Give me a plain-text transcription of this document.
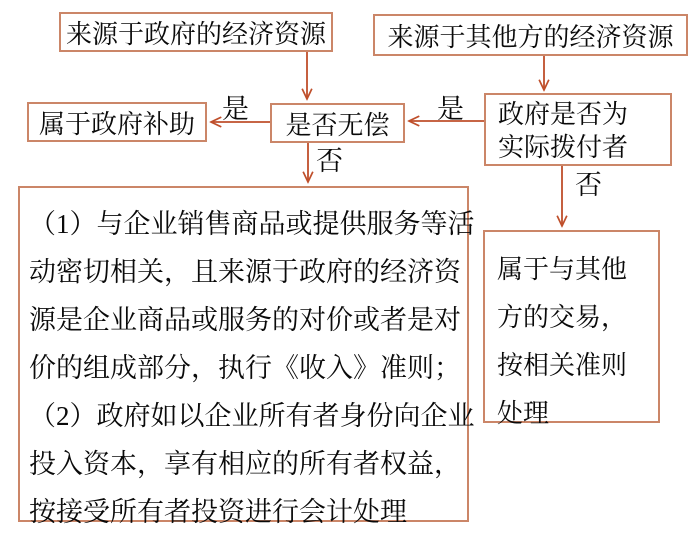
来源于政府的经济资源	来源于其他方的经济资源
属于政府补助	是否无偿	政府是否为
实际拨付者
（1）与企业销售商品或提供服务等活
动密切相关，且来源于政府的经济资
源是企业商品或服务的对价或者是对
价的组成部分，执行《收入》准则；
（2）政府如以企业所有者身份向企业
投入资本，享有相应的所有者权益，
按接受所有者投资进行会计处理
属于与其他
方的交易，
按相关准则
处理
是	是
否
否
